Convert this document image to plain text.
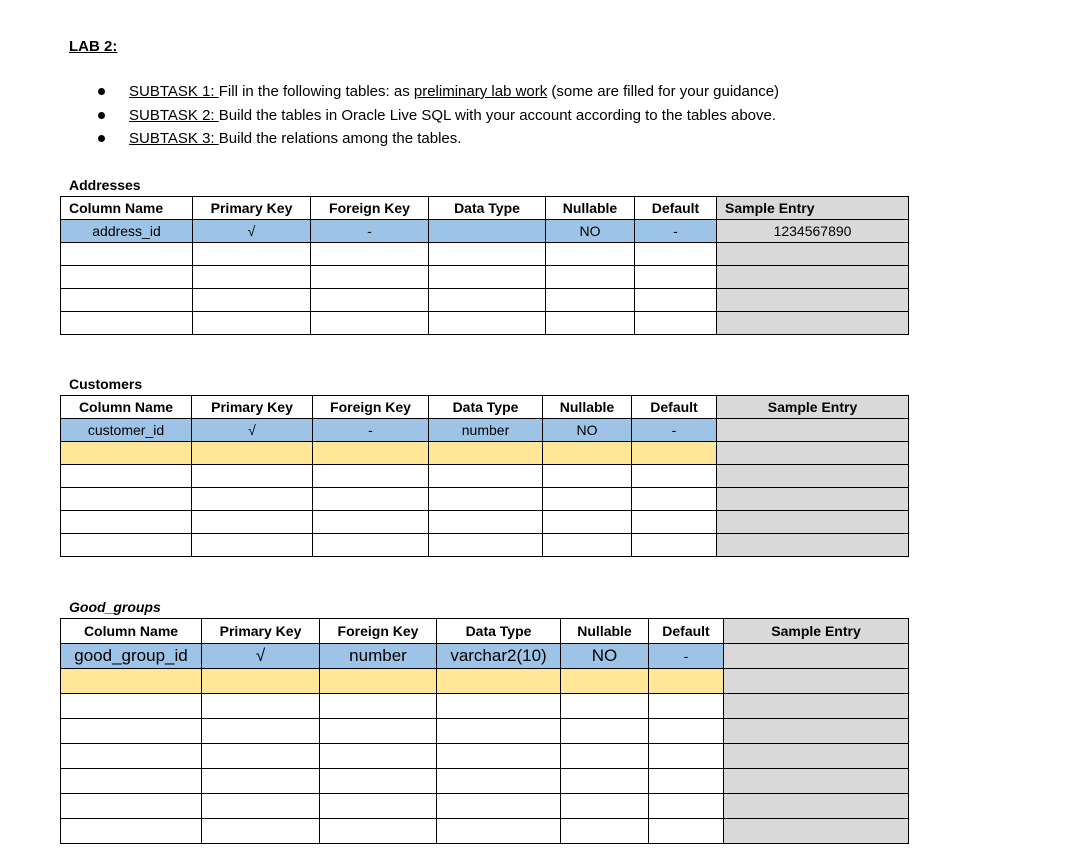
LAB 2:
SUBTASK 1: Fill in the following tables: as preliminary lab work (some are filled for your guidance)
SUBTASK 2: Build the tables in Oracle Live SQL with your account according to the tables above.
SUBTASK 3: Build the relations among the tables.
Addresses
Column Name	Primary Key	Foreign Key	Data Type	Nullable	Default	Sample Entry
address_id	√	-		NO	-	1234567890

Customers
Column Name	Primary Key	Foreign Key	Data Type	Nullable	Default	Sample Entry
customer_id	√	-	number	NO	-	

Good_groups
Column Name	Primary Key	Foreign Key	Data Type	Nullable	Default	Sample Entry
good_group_id	√	number	varchar2(10)	NO	-	
